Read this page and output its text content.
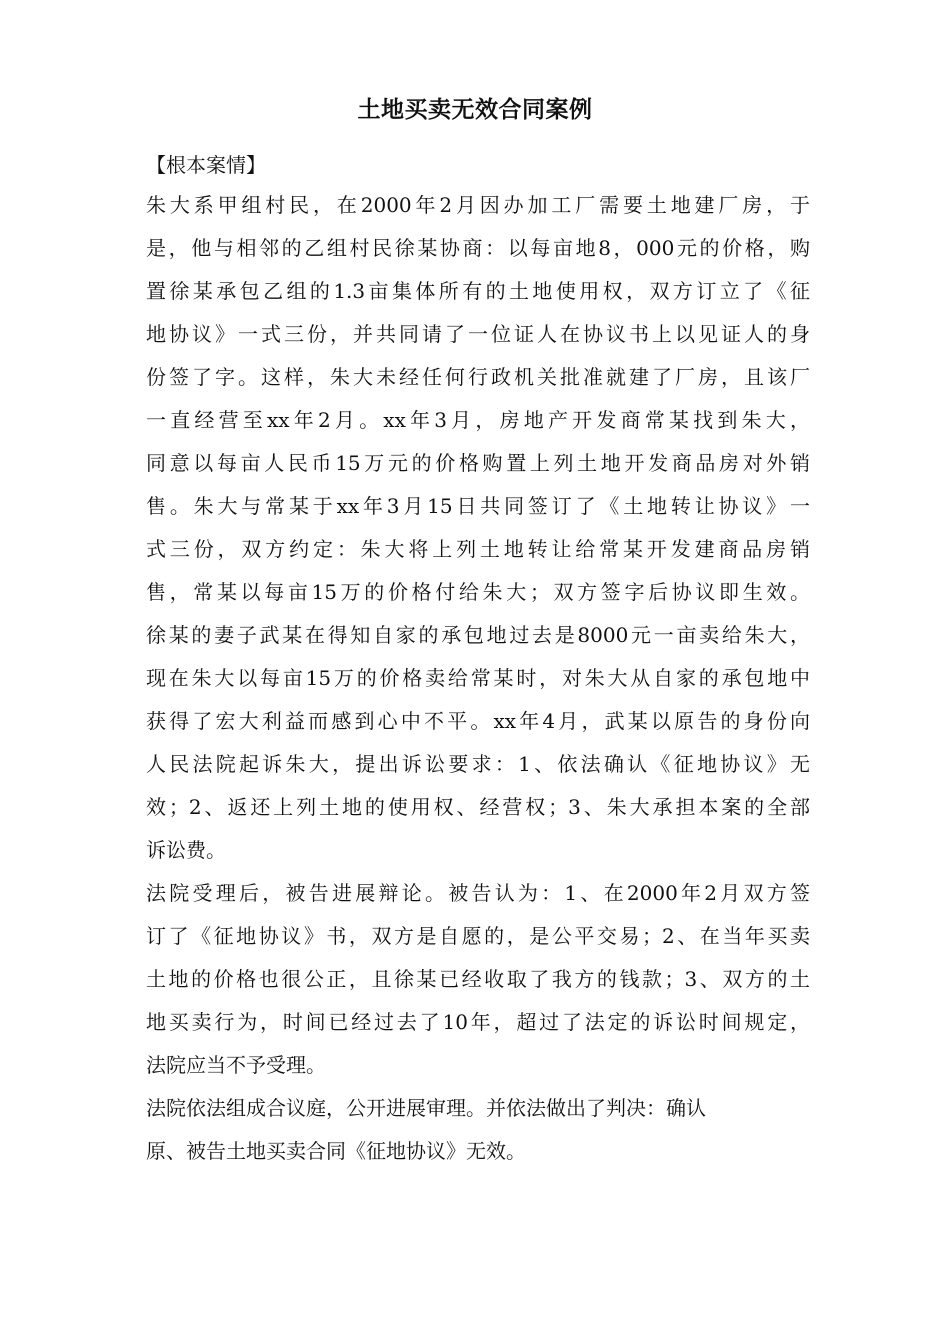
土地买卖无效合同案例
【根本案情】
朱大系甲组村民，在2000年2月因办加工厂需要土地建厂房，于
是，他与相邻的乙组村民徐某协商：以每亩地8，000元的价格，购
置徐某承包乙组的1.3亩集体所有的土地使用权，双方订立了《征
地协议》一式三份，并共同请了一位证人在协议书上以见证人的身
份签了字。这样，朱大未经任何行政机关批准就建了厂房，且该厂
一直经营至xx年2月。xx年3月，房地产开发商常某找到朱大，
同意以每亩人民币15万元的价格购置上列土地开发商品房对外销
售。朱大与常某于xx年3月15日共同签订了《土地转让协议》一
式三份，双方约定：朱大将上列土地转让给常某开发建商品房销
售，常某以每亩15万的价格付给朱大；双方签字后协议即生效。
徐某的妻子武某在得知自家的承包地过去是8000元一亩卖给朱大，
现在朱大以每亩15万的价格卖给常某时，对朱大从自家的承包地中
获得了宏大利益而感到心中不平。xx年4月，武某以原告的身份向
人民法院起诉朱大，提出诉讼要求：1、依法确认《征地协议》无
效；2、返还上列土地的使用权、经营权；3、朱大承担本案的全部
诉讼费。
法院受理后，被告进展辩论。被告认为：1、在2000年2月双方签
订了《征地协议》书，双方是自愿的，是公平交易；2、在当年买卖
土地的价格也很公正，且徐某已经收取了我方的钱款；3、双方的土
地买卖行为，时间已经过去了10年，超过了法定的诉讼时间规定，
法院应当不予受理。
法院依法组成合议庭，公开进展审理。并依法做出了判决：确认
原、被告土地买卖合同《征地协议》无效。
